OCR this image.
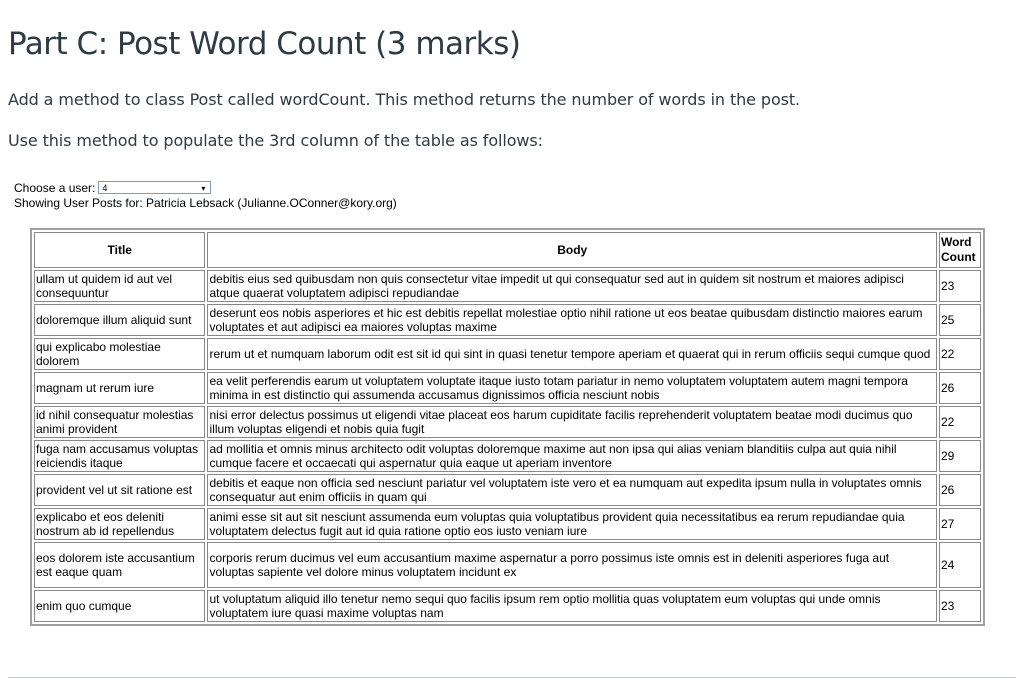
Part C: Post Word Count (3 marks)

Add a method to class Post called wordCount. This method returns the number of words in the post.

Use this method to populate the 3rd column of the table as follows:

Choose a user: 4	▾
Showing User Posts for: Patricia Lebsack (Julianne.OConner@kory.org)
Title	Body	Word Count
ullam ut quidem id aut vel consequuntur	debitis eius sed quibusdam non quis consectetur vitae impedit ut qui consequatur sed aut in quidem sit nostrum et maiores adipisci atque quaerat voluptatem adipisci repudiandae	23
doloremque illum aliquid sunt	deserunt eos nobis asperiores et hic est debitis repellat molestiae optio nihil ratione ut eos beatae quibusdam distinctio maiores earum voluptates et aut adipisci ea maiores voluptas maxime	25
qui explicabo molestiae dolorem	rerum ut et numquam laborum odit est sit id qui sint in quasi tenetur tempore aperiam et quaerat qui in rerum officiis sequi cumque quod	22
magnam ut rerum iure	ea velit perferendis earum ut voluptatem voluptate itaque iusto totam pariatur in nemo voluptatem voluptatem autem magni tempora minima in est distinctio qui assumenda accusamus dignissimos officia nesciunt nobis	26
id nihil consequatur molestias animi provident	nisi error delectus possimus ut eligendi vitae placeat eos harum cupiditate facilis reprehenderit voluptatem beatae modi ducimus quo illum voluptas eligendi et nobis quia fugit	22
fuga nam accusamus voluptas reiciendis itaque	ad mollitia et omnis minus architecto odit voluptas doloremque maxime aut non ipsa qui alias veniam blanditiis culpa aut quia nihil cumque facere et occaecati qui aspernatur quia eaque ut aperiam inventore	29
provident vel ut sit ratione est	debitis et eaque non officia sed nesciunt pariatur vel voluptatem iste vero et ea numquam aut expedita ipsum nulla in voluptates omnis consequatur aut enim officiis in quam qui	26
explicabo et eos deleniti nostrum ab id repellendus	animi esse sit aut sit nesciunt assumenda eum voluptas quia voluptatibus provident quia necessitatibus ea rerum repudiandae quia voluptatem delectus fugit aut id quia ratione optio eos iusto veniam iure	27
eos dolorem iste accusantium est eaque quam	corporis rerum ducimus vel eum accusantium maxime aspernatur a porro possimus iste omnis est in deleniti asperiores fuga aut voluptas sapiente vel dolore minus voluptatem incidunt ex	24
enim quo cumque	ut voluptatum aliquid illo tenetur nemo sequi quo facilis ipsum rem optio mollitia quas voluptatem eum voluptas qui unde omnis voluptatem iure quasi maxime voluptas nam	23
